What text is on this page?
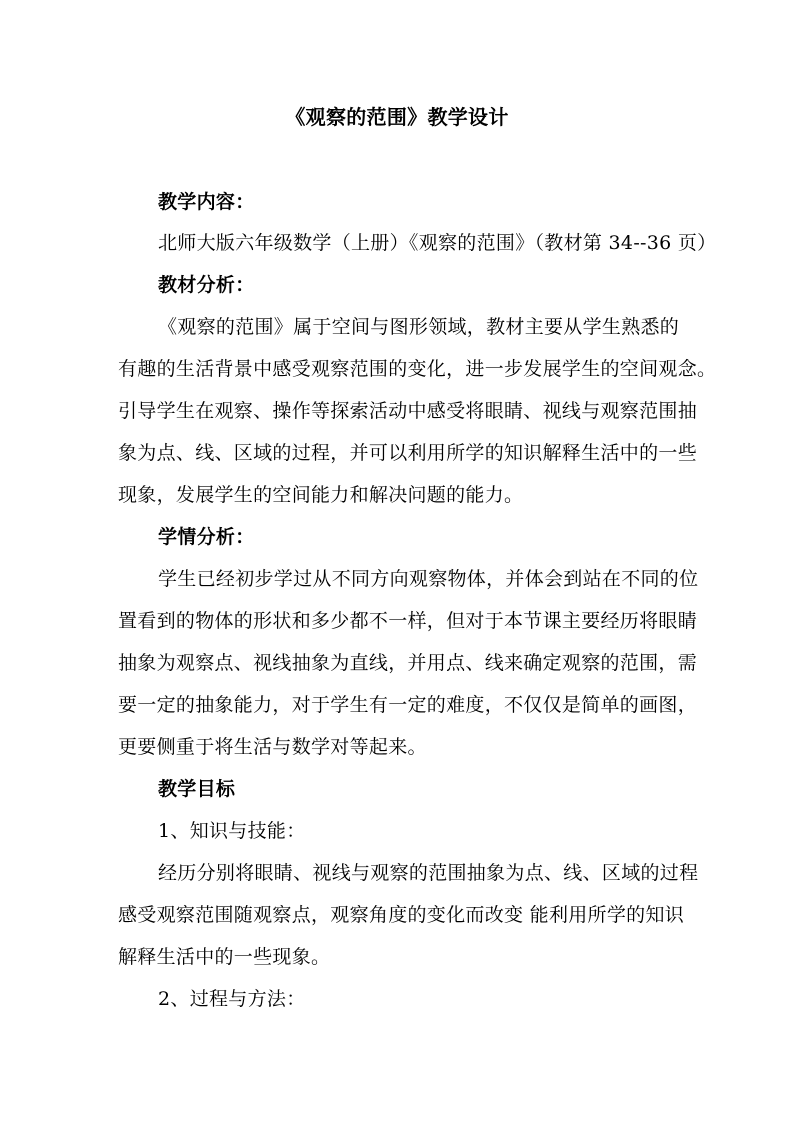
《观察的范围》教学设计
教学内容：
北师大版六年级数学（上册）《观察的范围》（教材第 34--36 页）
教材分析：
《观察的范围》属于空间与图形领域，教材主要从学生熟悉的
有趣的生活背景中感受观察范围的变化，进一步发展学生的空间观念。
引导学生在观察、操作等探索活动中感受将眼睛、视线与观察范围抽
象为点、线、区域的过程，并可以利用所学的知识解释生活中的一些
现象，发展学生的空间能力和解决问题的能力。
学情分析：
学生已经初步学过从不同方向观察物体，并体会到站在不同的位
置看到的物体的形状和多少都不一样，但对于本节课主要经历将眼睛
抽象为观察点、视线抽象为直线，并用点、线来确定观察的范围，需
要一定的抽象能力，对于学生有一定的难度，不仅仅是简单的画图，
更要侧重于将生活与数学对等起来。
教学目标
1、知识与技能：
经历分别将眼睛、视线与观察的范围抽象为点、线、区域的过程
感受观察范围随观察点，观察角度的变化而改变 能利用所学的知识
解释生活中的一些现象。
2、过程与方法：
